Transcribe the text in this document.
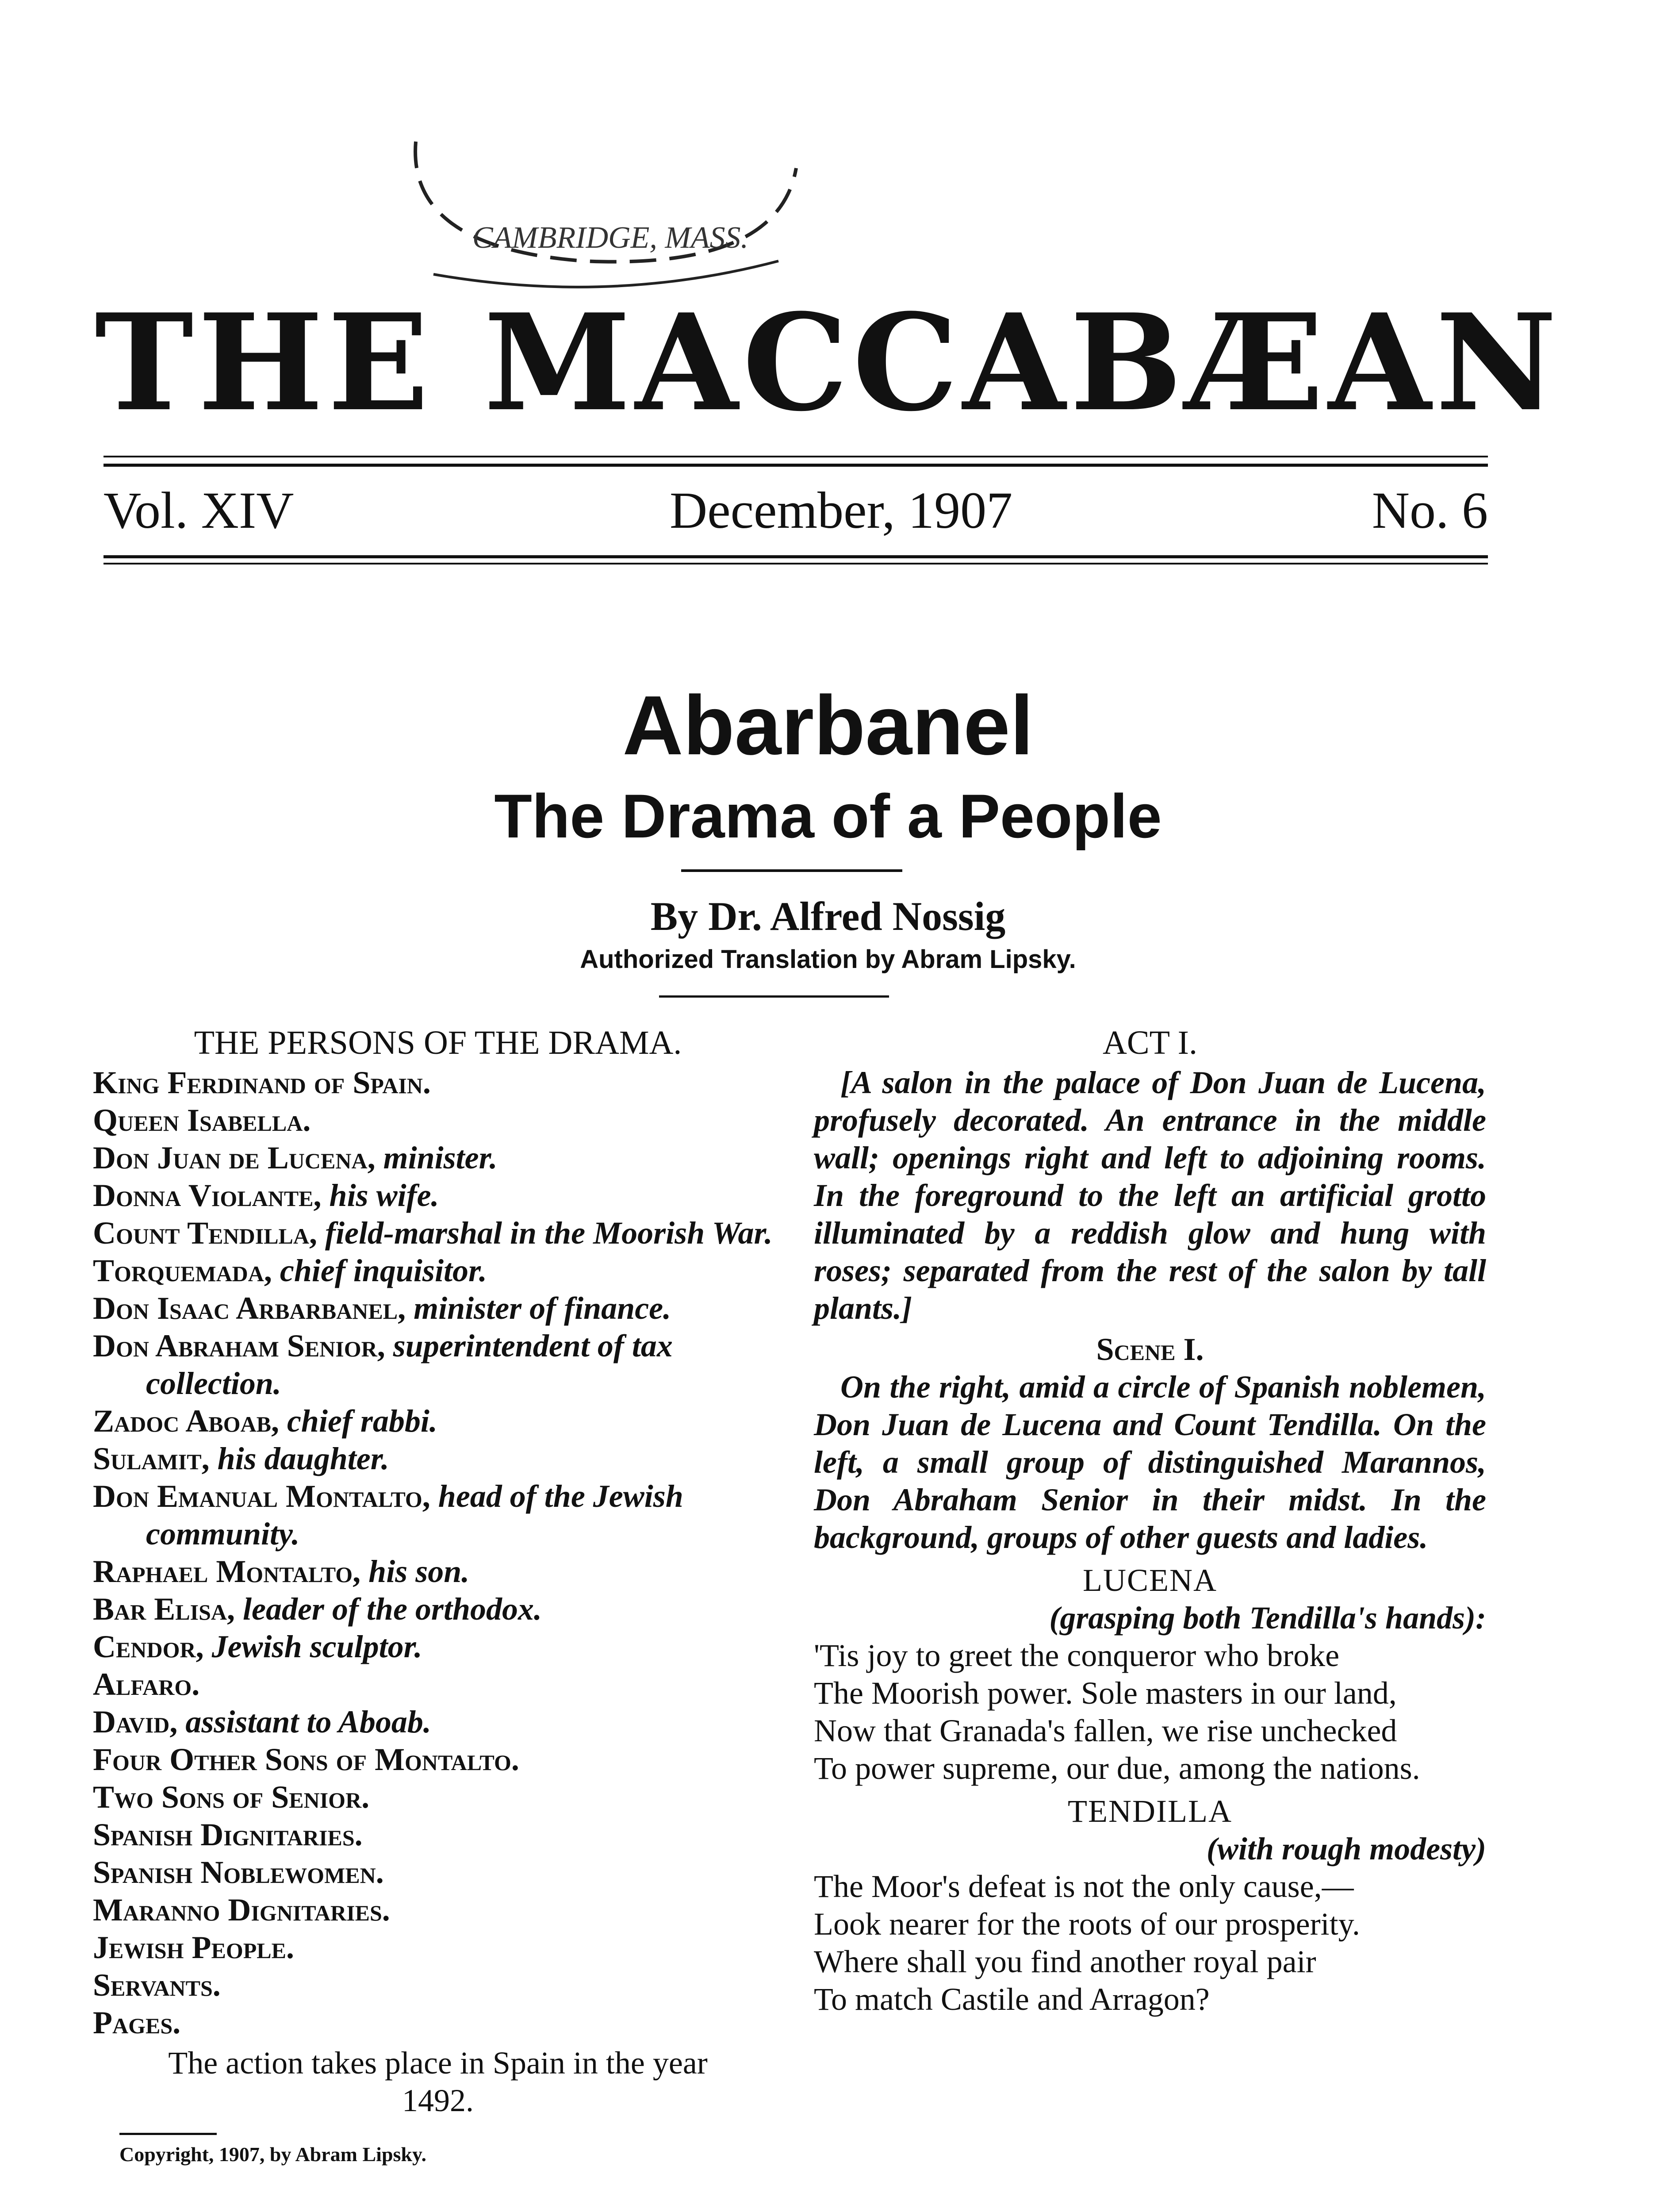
CAMBRIDGE, MASS.
THE MACCABÆAN
Vol. XIV	December, 1907	No. 6
Abarbanel
The Drama of a People
By Dr. Alfred Nossig
Authorized Translation by Abram Lipsky.

THE PERSONS OF THE DRAMA.

King Ferdinand of Spain.

Queen Isabella.

Don Juan de Lucena, minister.

Donna Violante, his wife.

Count Tendilla, field-marshal in the Moorish War.

Torquemada, chief inquisitor.

Don Isaac Arbarbanel, minister of finance.

Don Abraham Senior, superintendent of tax collection.

Zadoc Aboab, chief rabbi.

Sulamit, his daughter.

Don Emanual Montalto, head of the Jewish community.

Raphael Montalto, his son.

Bar Elisa, leader of the orthodox.

Cendor, Jewish sculptor.

Alfaro.

David, assistant to Aboab.

Four Other Sons of Montalto.

Two Sons of Senior.

Spanish Dignitaries.

Spanish Noblewomen.

Maranno Dignitaries.

Jewish People.

Servants.

Pages.

The action takes place in Spain in the year

1492.

Copyright, 1907, by Abram Lipsky.

ACT I.

[A salon in the palace of Don Juan de Lucena, profusely decorated. An entrance in the middle wall; openings right and left to adjoining rooms. In the foreground to the left an artificial grotto illuminated by a reddish glow and hung with roses; separated from the rest of the salon by tall plants.]

Scene I.

On the right, amid a circle of Spanish noblemen, Don Juan de Lucena and Count Tendilla. On the left, a small group of distinguished Marannos, Don Abraham Senior in their midst. In the background, groups of other guests and ladies.

LUCENA

(grasping both Tendilla's hands):

'Tis joy to greet the conqueror who broke

The Moorish power. Sole masters in our land,

Now that Granada's fallen, we rise unchecked

To power supreme, our due, among the nations.

TENDILLA

(with rough modesty)

The Moor's defeat is not the only cause,—

Look nearer for the roots of our prosperity.

Where shall you find another royal pair

To match Castile and Arragon?
